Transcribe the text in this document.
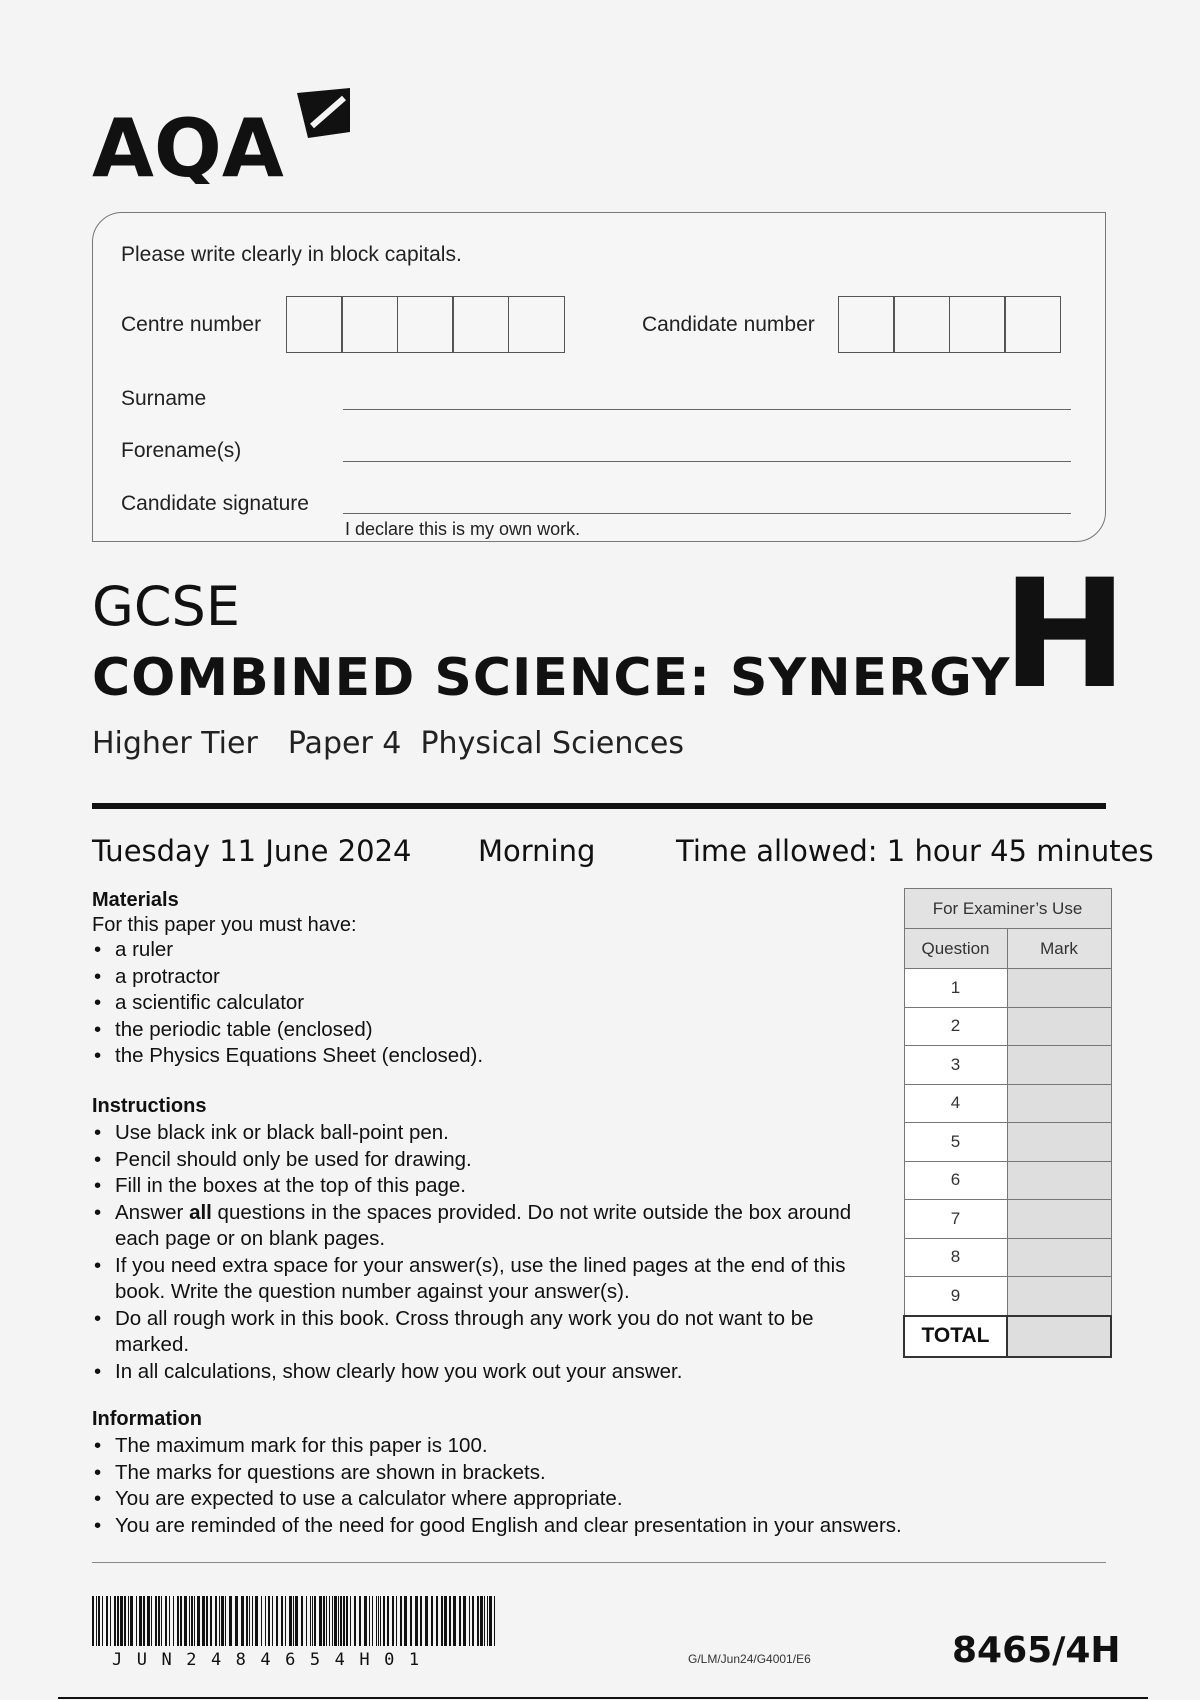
AQA
Please write clearly in block capitals.
Centre number	Candidate number
Surname
Forename(s)
Candidate signature
I declare this is my own work.
GCSE
COMBINED SCIENCE: SYNERGY
Higher Tier Paper 4  Physical Sciences
H
Tuesday 11 June 2024 Morning	Time allowed: 1 hour 45 minutes
Materials
For this paper you must have:
• a ruler
• a protractor
• a scientific calculator
• the periodic table (enclosed)
• the Physics Equations Sheet (enclosed).
Instructions
• Use black ink or black ball-point pen.
• Pencil should only be used for drawing.
• Fill in the boxes at the top of this page.
• Answer all questions in the spaces provided. Do not write outside the box around each page or on blank pages.
• If you need extra space for your answer(s), use the lined pages at the end of this book. Write the question number against your answer(s).
• Do all rough work in this book. Cross through any work you do not want to be marked.
• In all calculations, show clearly how you work out your answer.
Information
• The maximum mark for this paper is 100.
• The marks for questions are shown in brackets.
• You are expected to use a calculator where appropriate.
• You are reminded of the need for good English and clear presentation in your answers.
For Examiner’s Use	
Question	Mark
1	
2	
3	
4	
5	
6	
7	
8	
9	
TOTAL	
JUN2484654H01	G/LM/Jun24/G4001/E6	8465/4H
